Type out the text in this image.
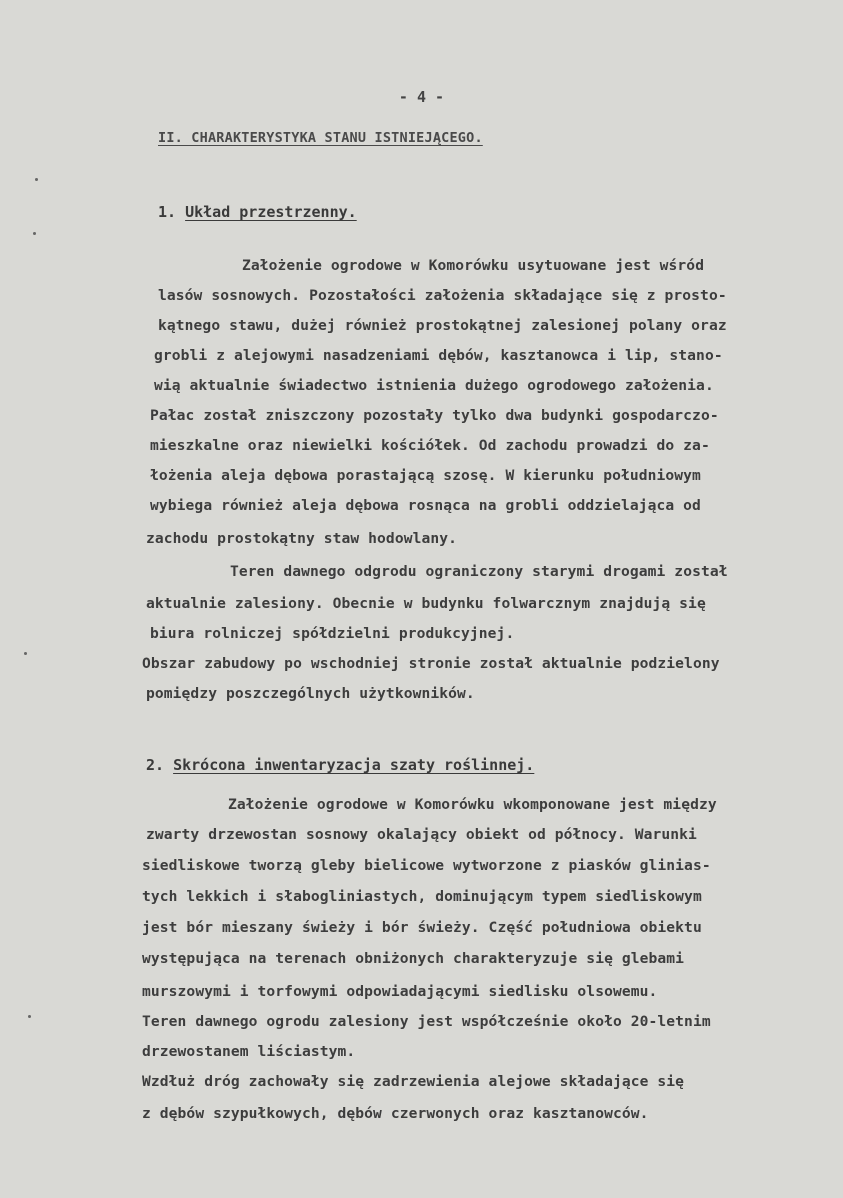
- 4 -
II. CHARAKTERYSTYKA STANU ISTNIEJĄCEGO.
1. Układ przestrzenny.
Założenie ogrodowe w Komorówku usytuowane jest wśród
lasów sosnowych. Pozostałości założenia składające się z prosto-
kątnego stawu, dużej również prostokątnej zalesionej polany oraz
grobli z alejowymi nasadzeniami dębów, kasztanowca i lip, stano-
wią aktualnie świadectwo istnienia dużego ogrodowego założenia.
Pałac został zniszczony pozostały tylko dwa budynki gospodarczo-
mieszkalne oraz niewielki kościółek. Od zachodu prowadzi do za-
łożenia aleja dębowa porastającą szosę. W kierunku południowym
wybiega również aleja dębowa rosnąca na grobli oddzielająca od
zachodu prostokątny staw hodowlany.
Teren dawnego odgrodu ograniczony starymi drogami został
aktualnie zalesiony. Obecnie w budynku folwarcznym znajdują się
biura rolniczej spółdzielni produkcyjnej.
Obszar zabudowy po wschodniej stronie został aktualnie podzielony
pomiędzy poszczególnych użytkowników.
2. Skrócona inwentaryzacja szaty roślinnej.
Założenie ogrodowe w Komorówku wkomponowane jest między
zwarty drzewostan sosnowy okalający obiekt od północy. Warunki
siedliskowe tworzą gleby bielicowe wytworzone z piasków glinias-
tych lekkich i słabogliniastych, dominującym typem siedliskowym
jest bór mieszany świeży i bór świeży. Część południowa obiektu
występująca na terenach obniżonych charakteryzuje się glebami
murszowymi i torfowymi odpowiadającymi siedlisku olsowemu.
Teren dawnego ogrodu zalesiony jest współcześnie około 20-letnim
drzewostanem liściastym.
Wzdłuż dróg zachowały się zadrzewienia alejowe składające się
z dębów szypułkowych, dębów czerwonych oraz kasztanowców.
